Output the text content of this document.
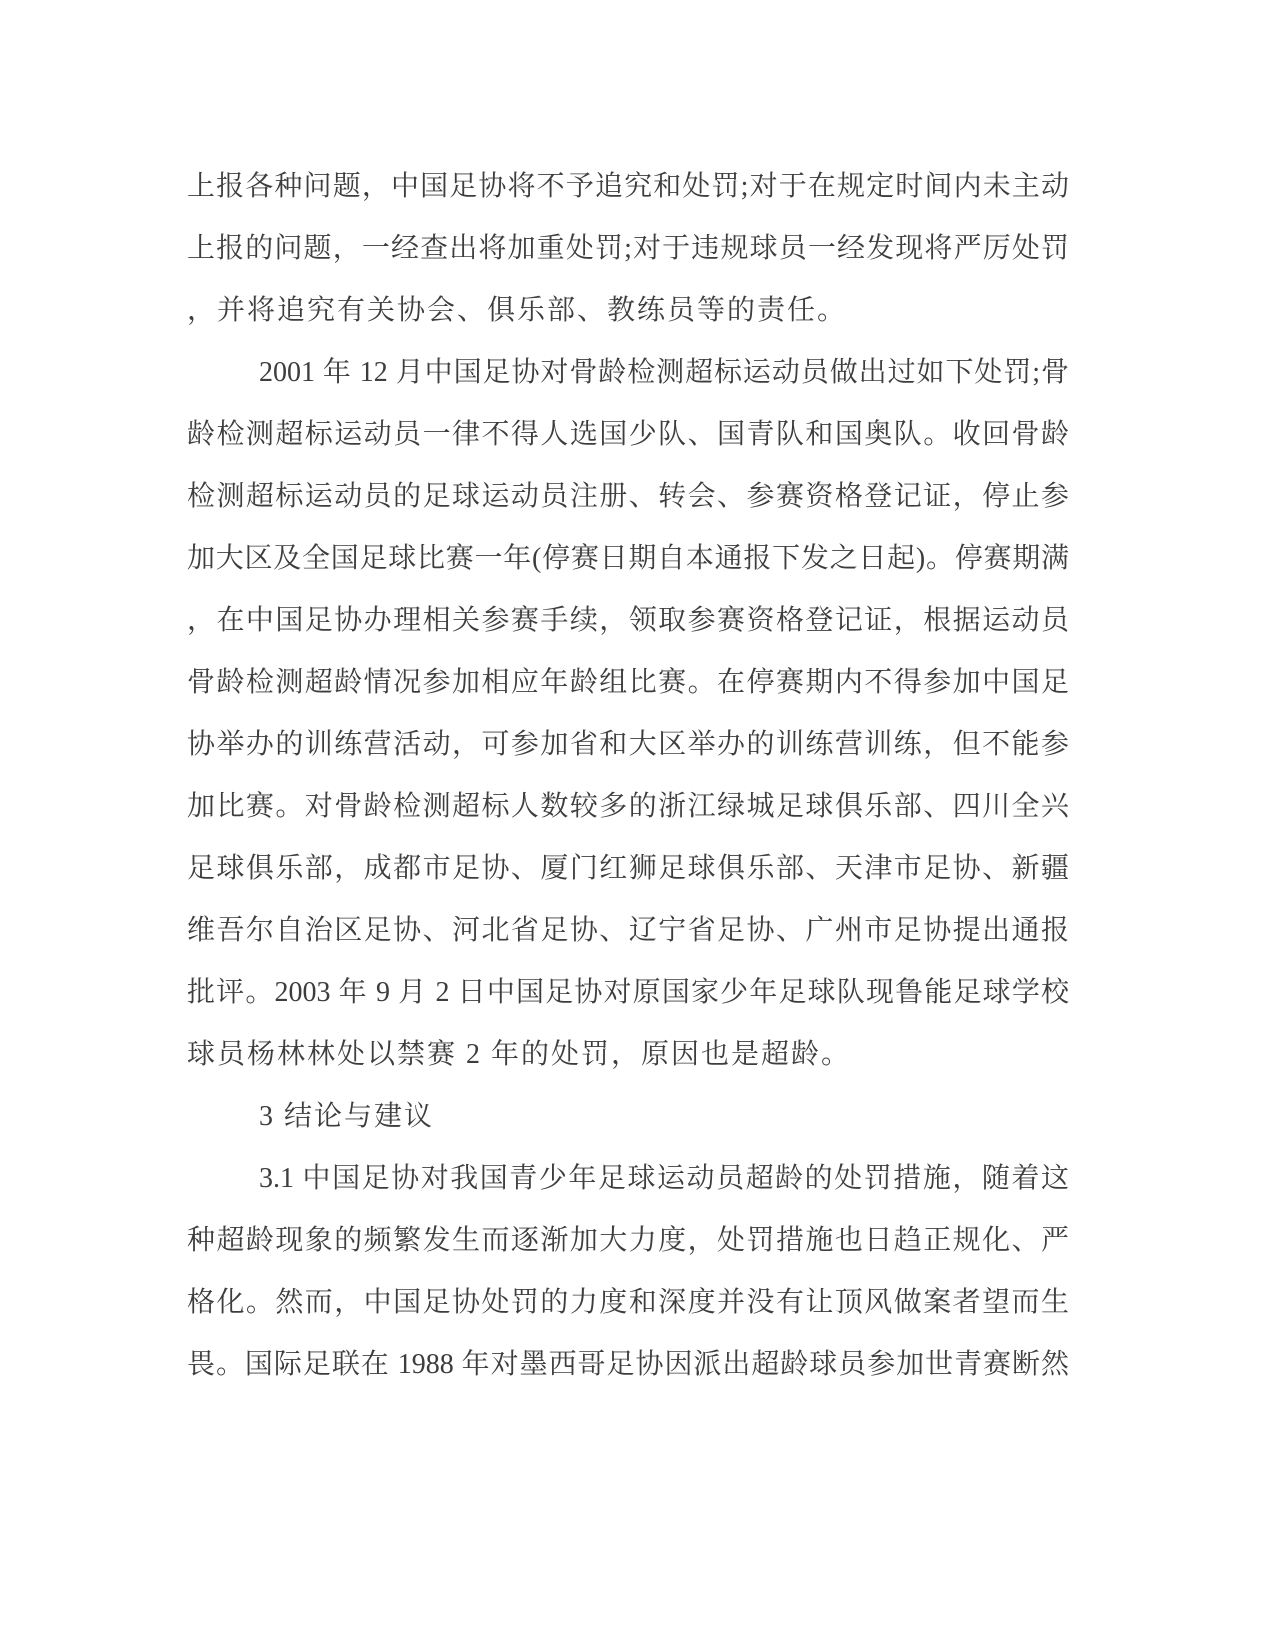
上报各种问题，中国足协将不予追究和处罚;对于在规定时间内未主动
上报的问题，一经查出将加重处罚;对于违规球员一经发现将严厉处罚
，并将追究有关协会、俱乐部、教练员等的责任。
2001 年 12 月中国足协对骨龄检测超标运动员做出过如下处罚;骨
龄检测超标运动员一律不得人选国少队、国青队和国奥队。收回骨龄
检测超标运动员的足球运动员注册、转会、参赛资格登记证，停止参
加大区及全国足球比赛一年(停赛日期自本通报下发之日起)。停赛期满
，在中国足协办理相关参赛手续，领取参赛资格登记证，根据运动员
骨龄检测超龄情况参加相应年龄组比赛。在停赛期内不得参加中国足
协举办的训练营活动，可参加省和大区举办的训练营训练，但不能参
加比赛。对骨龄检测超标人数较多的浙江绿城足球俱乐部、四川全兴
足球俱乐部，成都市足协、厦门红狮足球俱乐部、天津市足协、新疆
维吾尔自治区足协、河北省足协、辽宁省足协、广州市足协提出通报
批评。2003 年 9 月 2 日中国足协对原国家少年足球队现鲁能足球学校
球员杨林林处以禁赛 2 年的处罚，原因也是超龄。
3 结论与建议
3.1 中国足协对我国青少年足球运动员超龄的处罚措施，随着这
种超龄现象的频繁发生而逐渐加大力度，处罚措施也日趋正规化、严
格化。然而，中国足协处罚的力度和深度并没有让顶风做案者望而生
畏。国际足联在 1988 年对墨西哥足协因派出超龄球员参加世青赛断然
